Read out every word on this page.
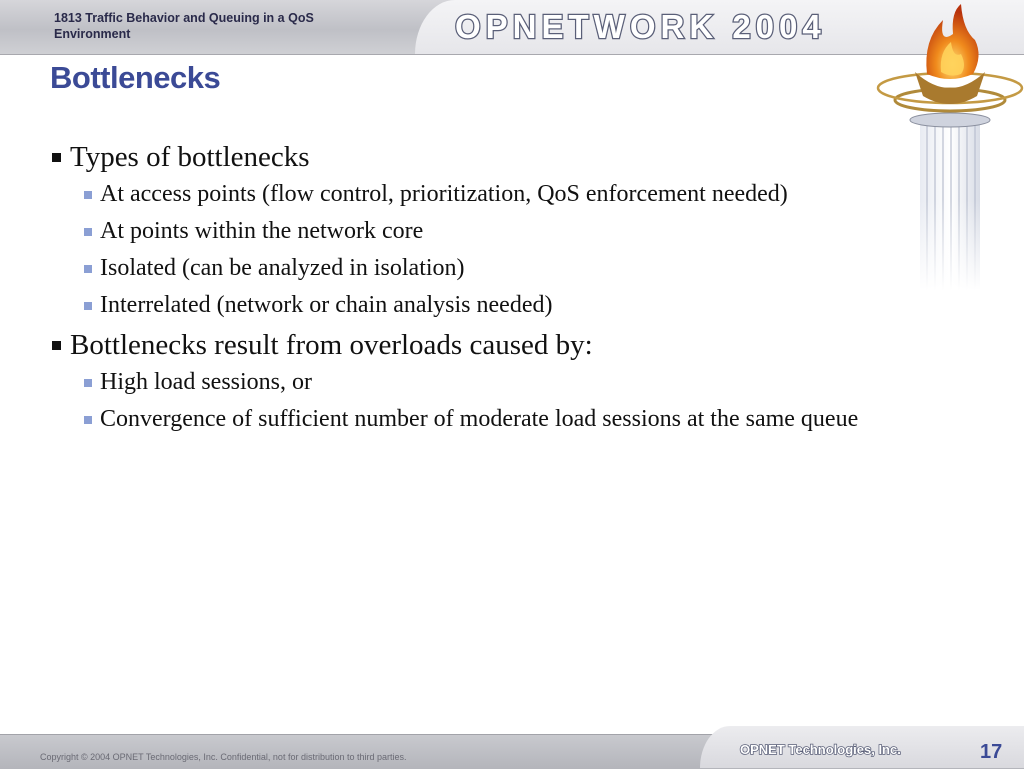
1813 Traffic Behavior and Queuing in a QoS Environment	OPNETWORK 2004
Bottlenecks
Types of bottlenecks
At access points (flow control, prioritization, QoS enforcement needed)
At points within the network core
Isolated (can be analyzed in isolation)
Interrelated (network or chain analysis needed)
Bottlenecks result from overloads caused by:
High load sessions, or
Convergence of sufficient number of moderate load sessions at the same queue
Copyright © 2004 OPNET Technologies, Inc. Confidential, not for distribution to third parties.	OPNET Technologies, Inc.	17
